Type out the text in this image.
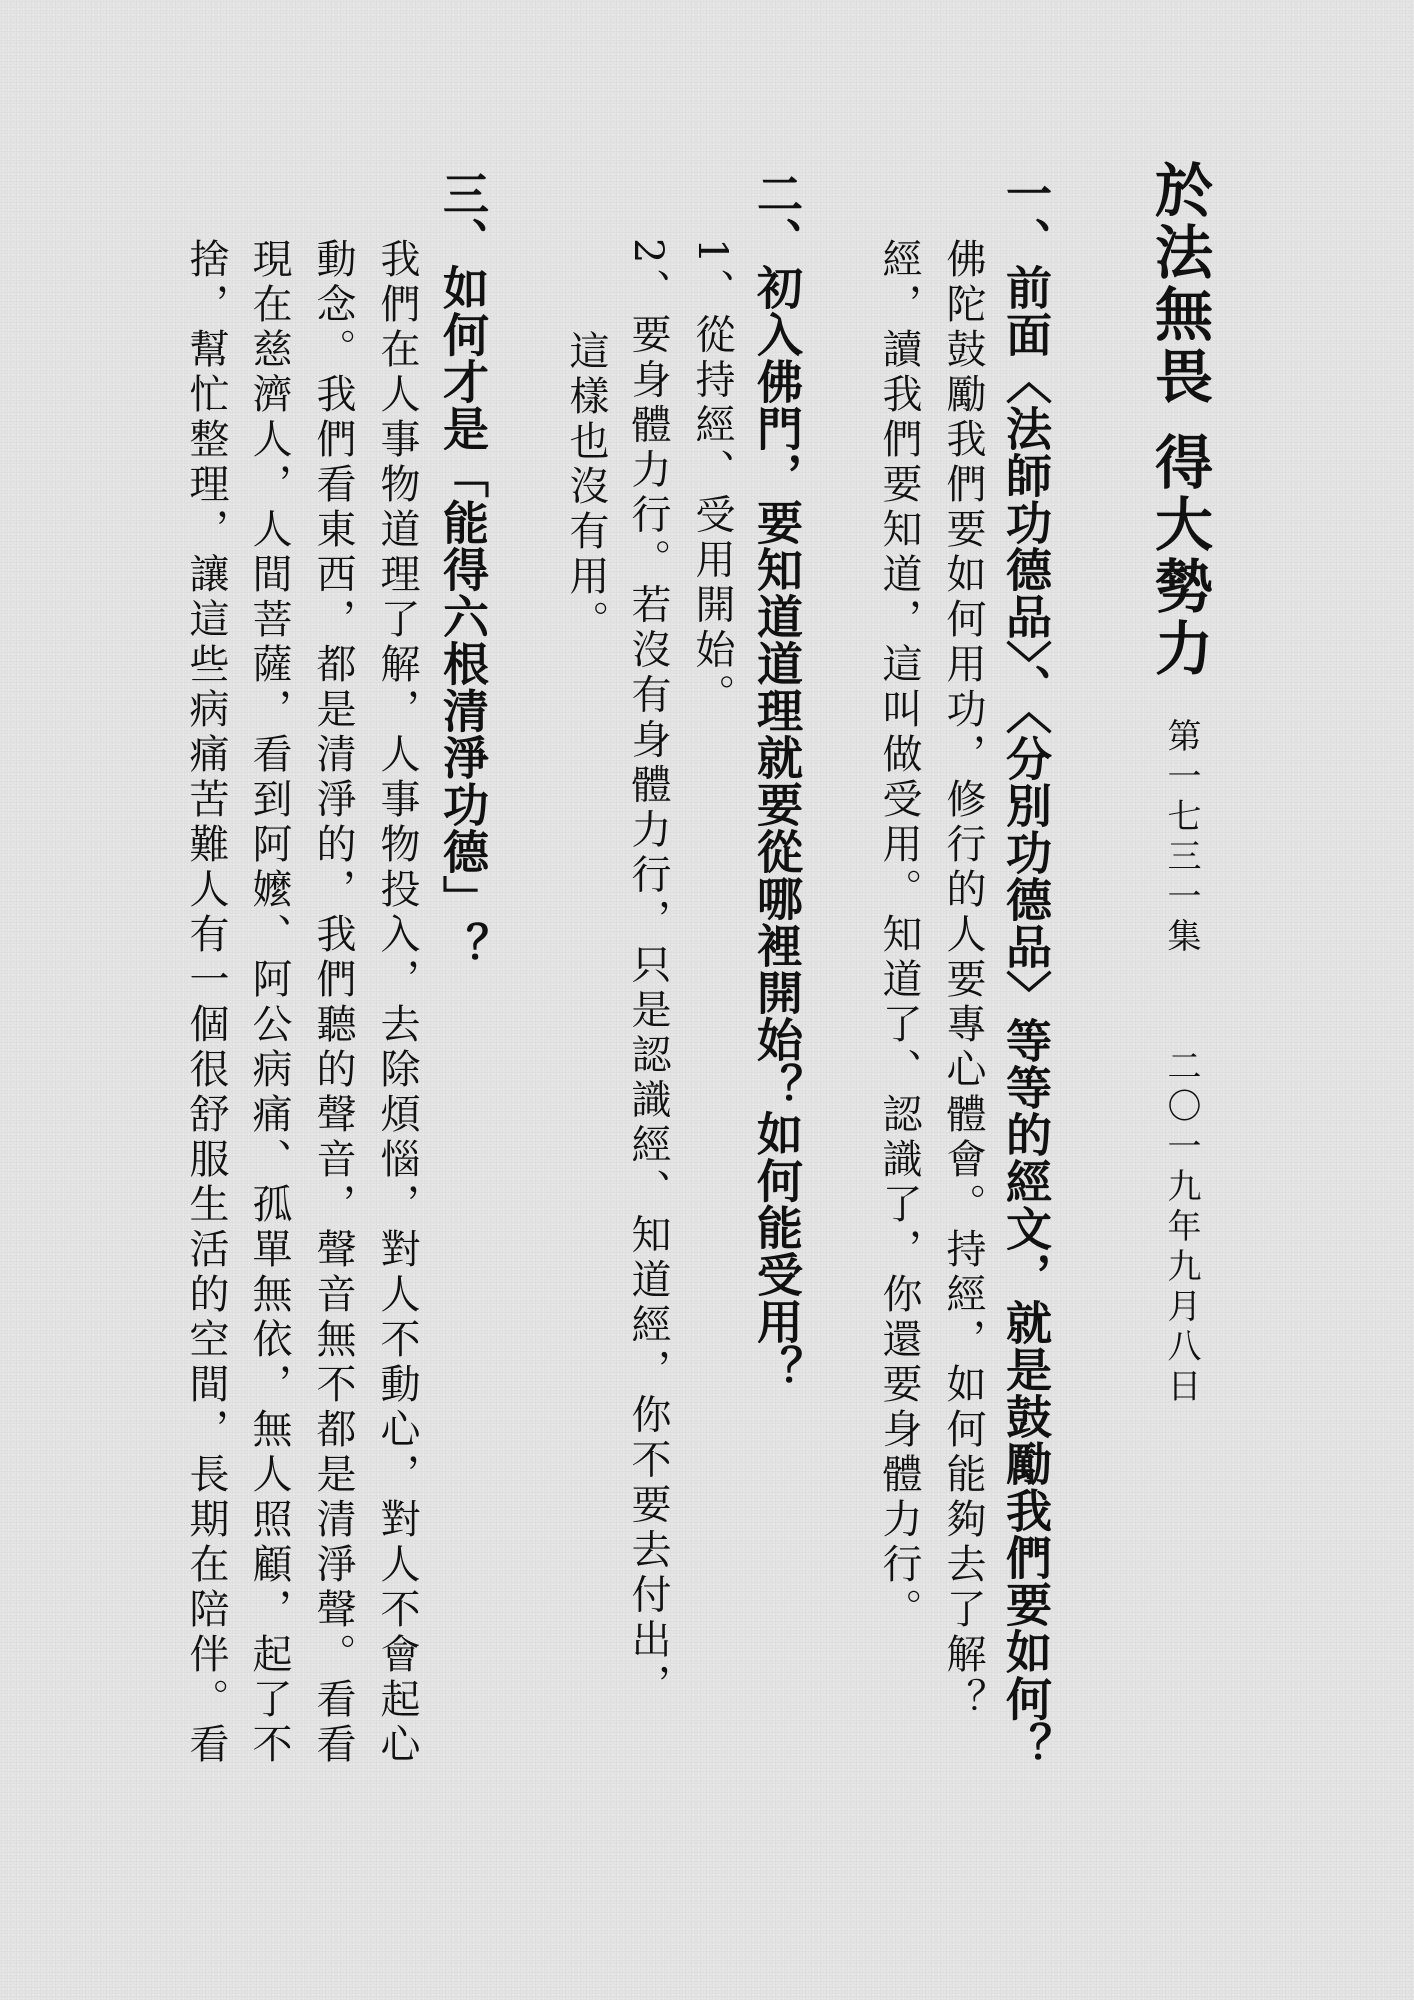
於法無畏 得大勢力
第一七三一集
二〇一九年九月八日
一、前面〈法師功德品〉、〈分別功德品〉等等的經文，就是鼓勵我們要如何？
佛陀鼓勵我們要如何用功，修行的人要專心體會。持經，如何能夠去了解？
經，讀我們要知道，這叫做受用。知道了、認識了，你還要身體力行。
二、初入佛門，要知道道理就要從哪裡開始？如何能受用？
1、從持經、受用開始。
2、要身體力行。若沒有身體力行，只是認識經、知道經，你不要去付出，
這樣也沒有用。
三、如何才是「能得六根清淨功德」？
我們在人事物道理了解，人事物投入，去除煩惱，對人不動心，對人不會起心
動念。我們看東西，都是清淨的，我們聽的聲音，聲音無不都是清淨聲。看看
現在慈濟人，人間菩薩，看到阿嬤、阿公病痛、孤單無依，無人照顧，起了不
捨，幫忙整理，讓這些病痛苦難人有一個很舒服生活的空間，長期在陪伴。看
